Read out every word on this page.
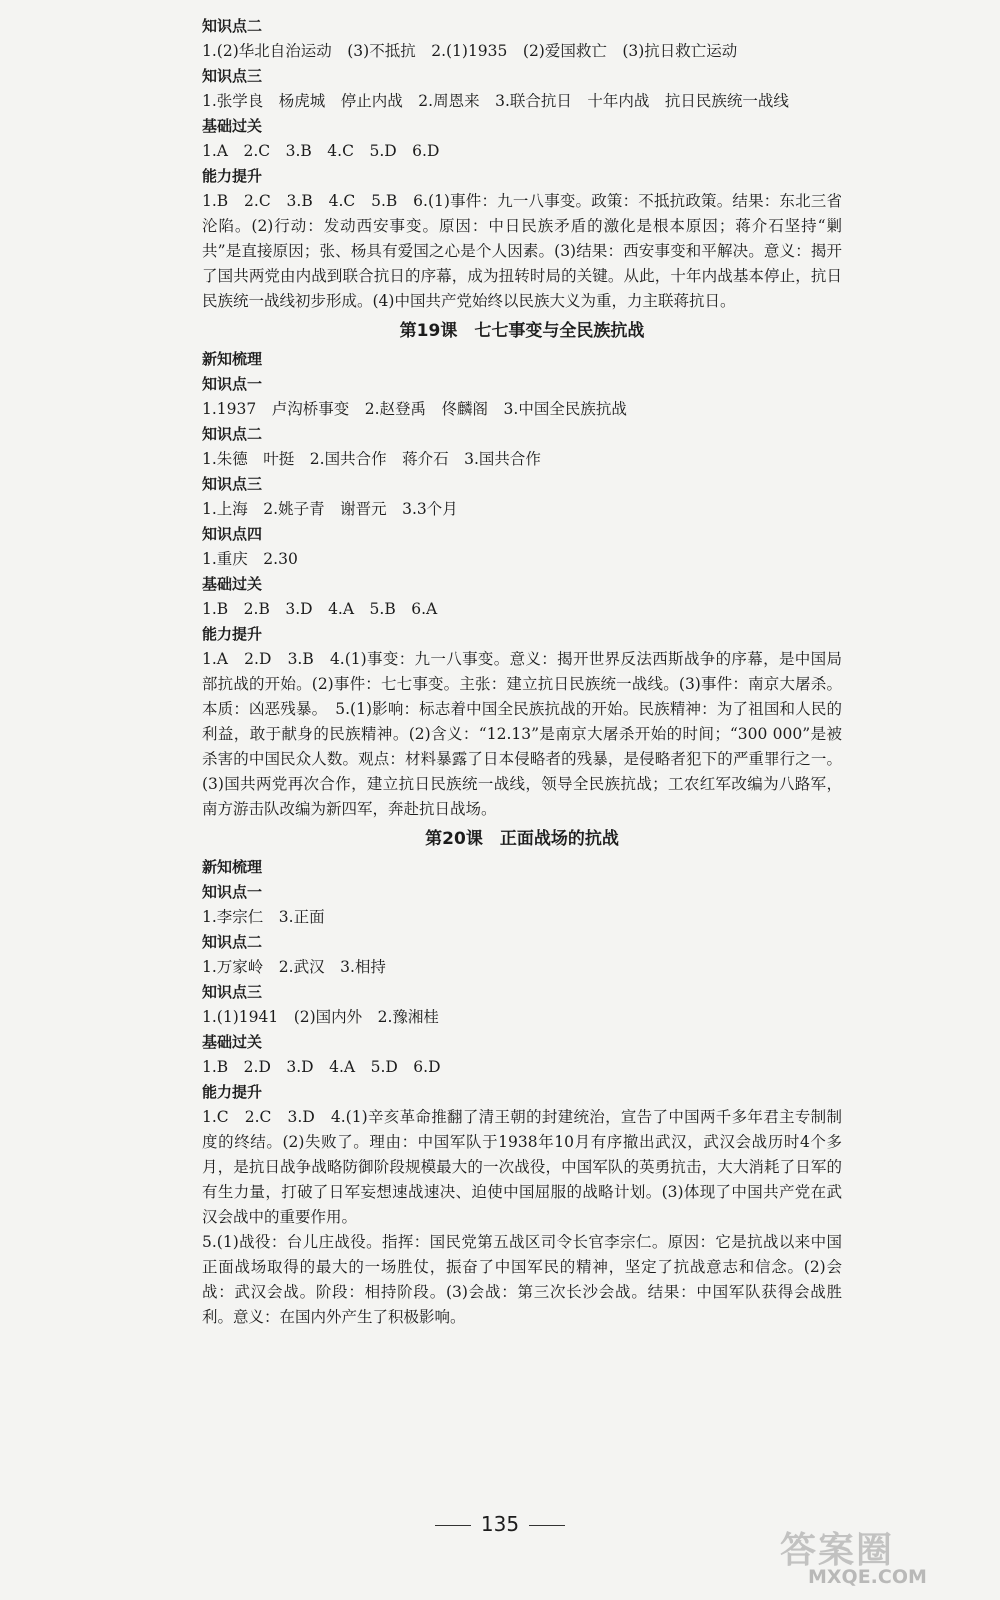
知识点二
1.(2)华北自治运动　(3)不抵抗　2.(1)1935　(2)爱国救亡　(3)抗日救亡运动
知识点三
1.张学良　杨虎城　停止内战　2.周恩来　3.联合抗日　十年内战　抗日民族统一战线
基础过关
1.A　2.C　3.B　4.C　5.D　6.D
能力提升
1.B　2.C　3.B　4.C　5.B　6.(1)事件：九一八事变。政策：不抵抗政策。结果：东北三省沦陷。(2)行动：发动西安事变。原因：中日民族矛盾的激化是根本原因；蒋介石坚持“剿共”是直接原因；张、杨具有爱国之心是个人因素。(3)结果：西安事变和平解决。意义：揭开了国共两党由内战到联合抗日的序幕，成为扭转时局的关键。从此，十年内战基本停止，抗日民族统一战线初步形成。(4)中国共产党始终以民族大义为重，力主联蒋抗日。
第19课　七七事变与全民族抗战
新知梳理
知识点一
1.1937　卢沟桥事变　2.赵登禹　佟麟阁　3.中国全民族抗战
知识点二
1.朱德　叶挺　2.国共合作　蒋介石　3.国共合作
知识点三
1.上海　2.姚子青　谢晋元　3.3个月
知识点四
1.重庆　2.30
基础过关
1.B　2.B　3.D　4.A　5.B　6.A
能力提升
1.A　2.D　3.B　4.(1)事变：九一八事变。意义：揭开世界反法西斯战争的序幕，是中国局部抗战的开始。(2)事件：七七事变。主张：建立抗日民族统一战线。(3)事件：南京大屠杀。本质：凶恶残暴。　5.(1)影响：标志着中国全民族抗战的开始。民族精神：为了祖国和人民的利益，敢于献身的民族精神。(2)含义：“12.13”是南京大屠杀开始的时间；“300 000”是被杀害的中国民众人数。观点：材料暴露了日本侵略者的残暴，是侵略者犯下的严重罪行之一。(3)国共两党再次合作，建立抗日民族统一战线，领导全民族抗战；工农红军改编为八路军，南方游击队改编为新四军，奔赴抗日战场。
第20课　正面战场的抗战
新知梳理
知识点一
1.李宗仁　3.正面
知识点二
1.万家岭　2.武汉　3.相持
知识点三
1.(1)1941　(2)国内外　2.豫湘桂
基础过关
1.B　2.D　3.D　4.A　5.D　6.D
能力提升
1.C　2.C　3.D　4.(1)辛亥革命推翻了清王朝的封建统治，宣告了中国两千多年君主专制制度的终结。(2)失败了。理由：中国军队于1938年10月有序撤出武汉，武汉会战历时4个多月，是抗日战争战略防御阶段规模最大的一次战役，中国军队的英勇抗击，大大消耗了日军的有生力量，打破了日军妄想速战速决、迫使中国屈服的战略计划。(3)体现了中国共产党在武汉会战中的重要作用。
5.(1)战役：台儿庄战役。指挥：国民党第五战区司令长官李宗仁。原因：它是抗战以来中国正面战场取得的最大的一场胜仗，振奋了中国军民的精神，坚定了抗战意志和信念。(2)会战：武汉会战。阶段：相持阶段。(3)会战：第三次长沙会战。结果：中国军队获得会战胜利。意义：在国内外产生了积极影响。
135
答案圈
MXQE.COM
